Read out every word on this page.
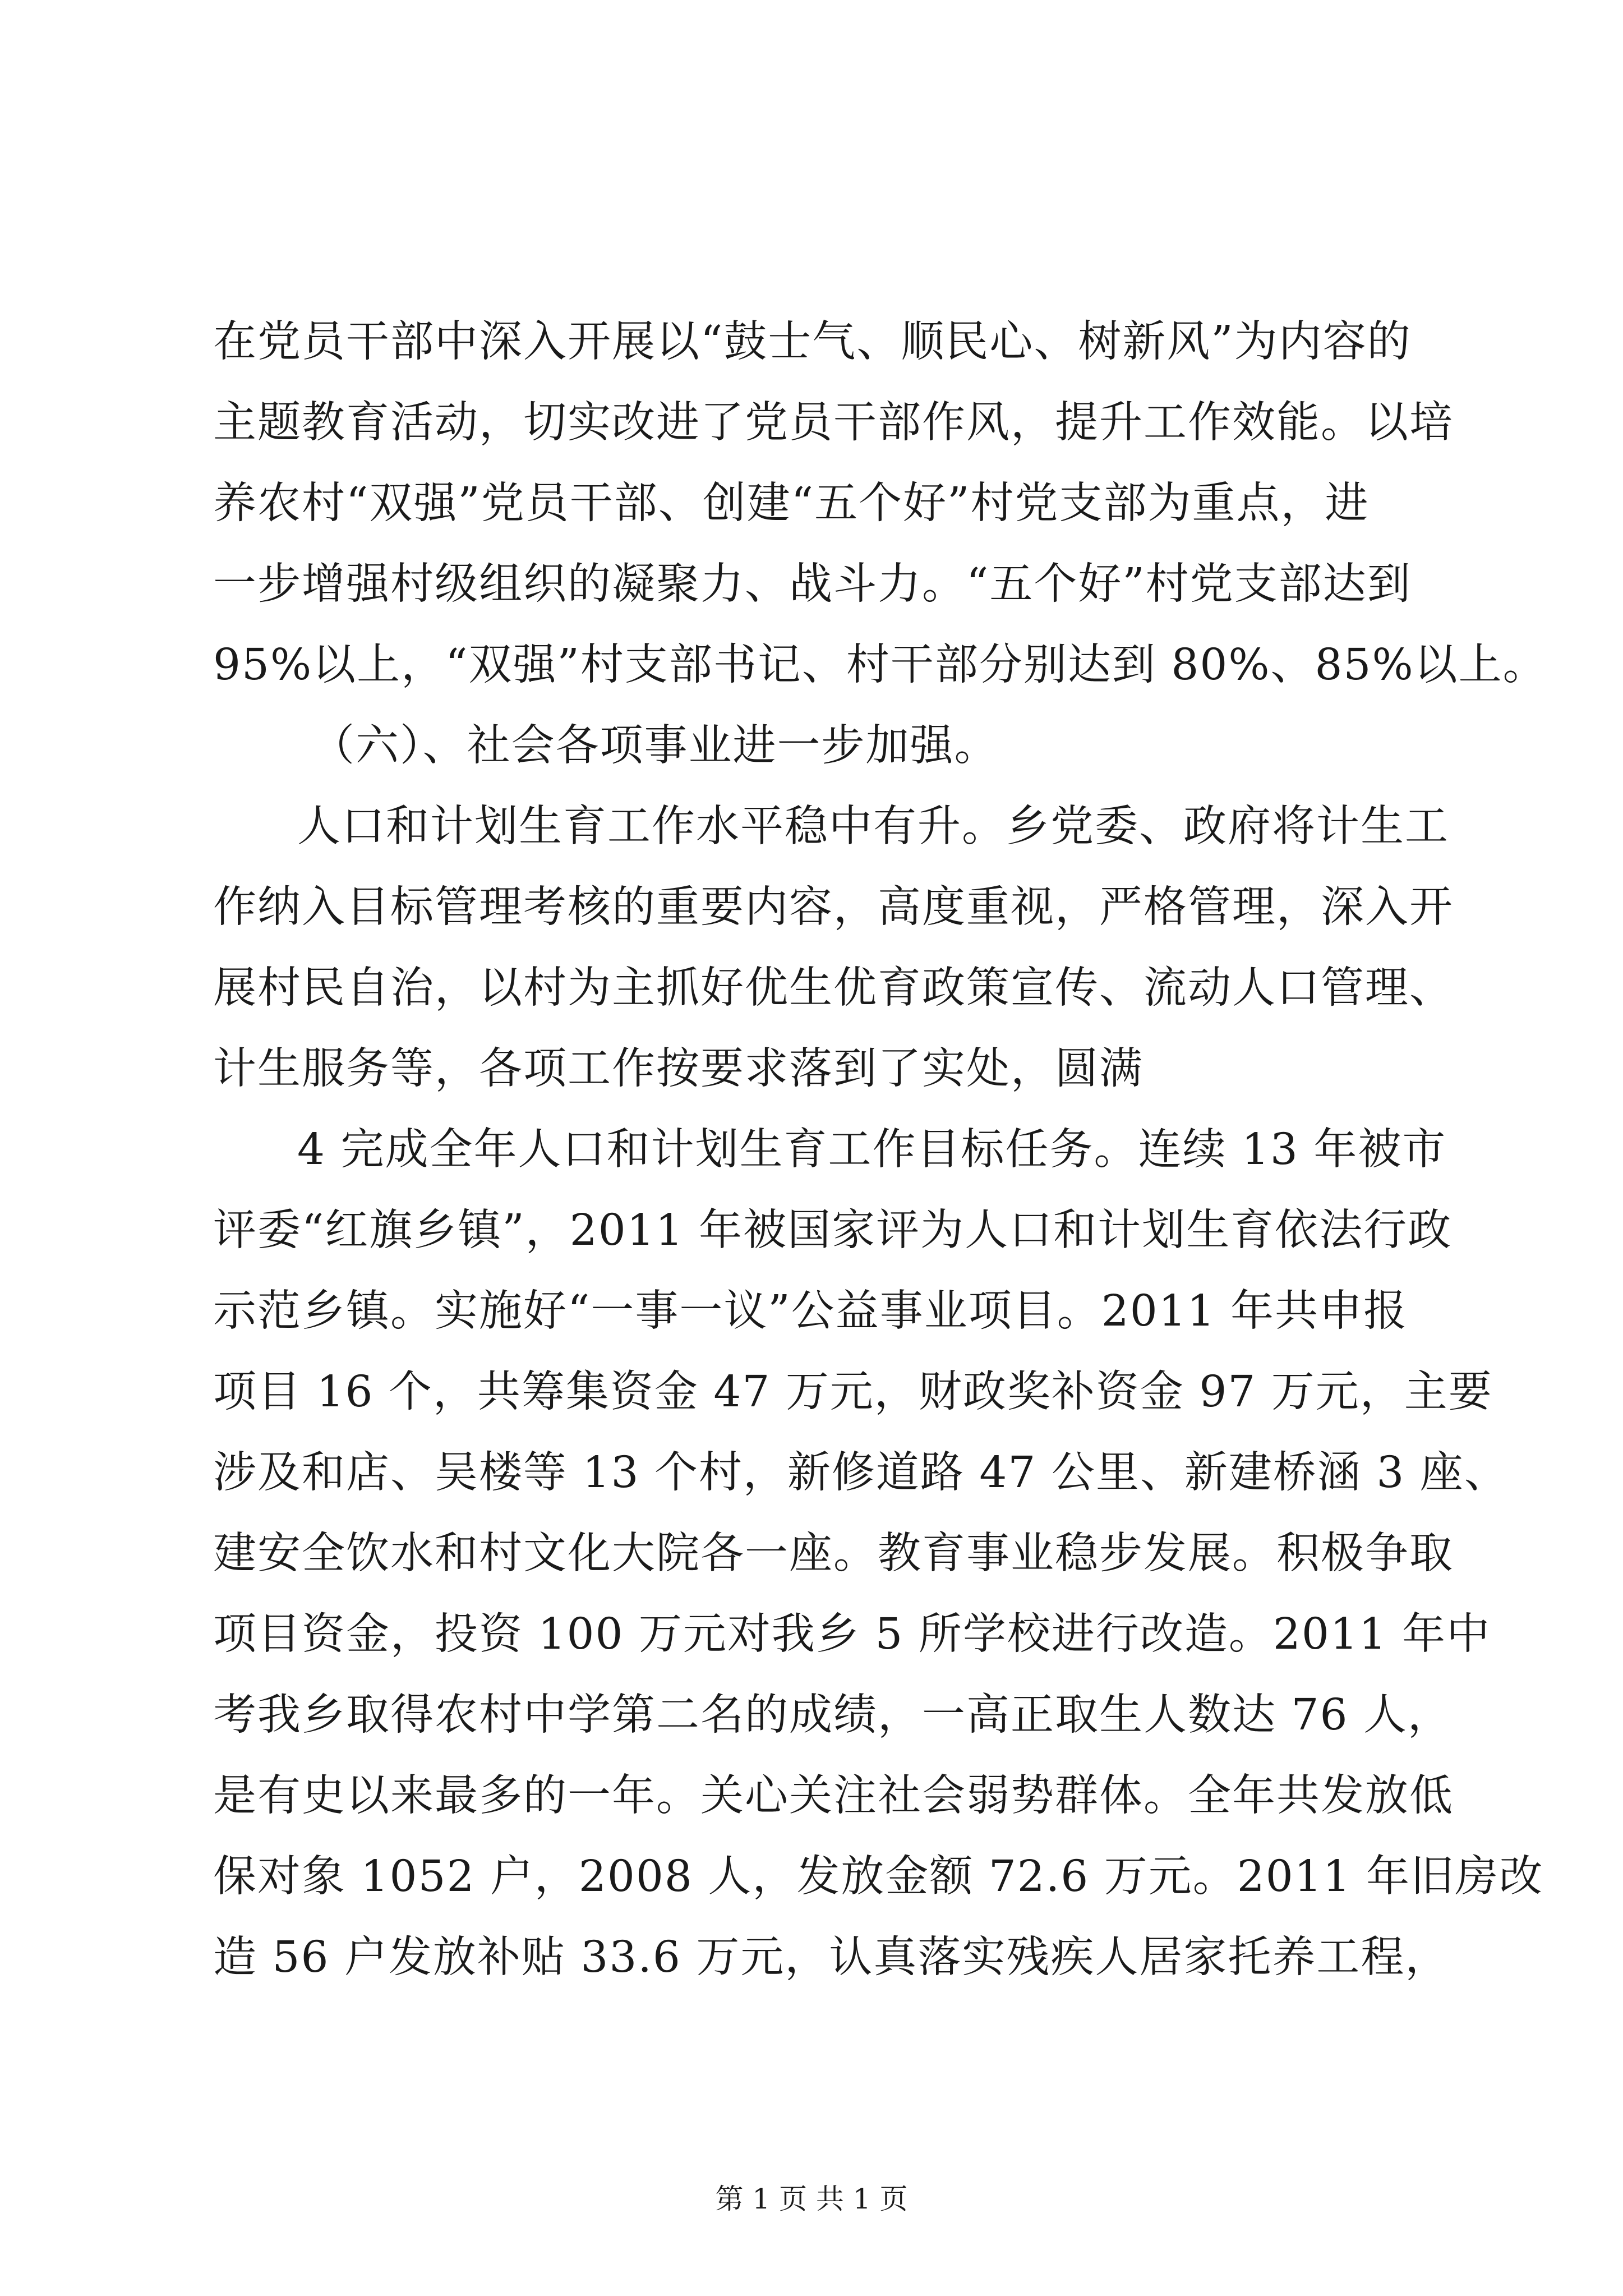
在党员干部中深入开展以“鼓士气、顺民心、树新风”为内容的
主题教育活动，切实改进了党员干部作风，提升工作效能。以培
养农村“双强”党员干部、创建“五个好”村党支部为重点，进
一步增强村级组织的凝聚力、战斗力。“五个好”村党支部达到
95%以上，“双强”村支部书记、村干部分别达到 80%、85%以上。
（六）、社会各项事业进一步加强。
人口和计划生育工作水平稳中有升。乡党委、政府将计生工
作纳入目标管理考核的重要内容，高度重视，严格管理，深入开
展村民自治，以村为主抓好优生优育政策宣传、流动人口管理、
计生服务等，各项工作按要求落到了实处，圆满
4 完成全年人口和计划生育工作目标任务。连续 13 年被市
评委“红旗乡镇”，2011 年被国家评为人口和计划生育依法行政
示范乡镇。实施好“一事一议”公益事业项目。2011 年共申报
项目 16 个，共筹集资金 47 万元，财政奖补资金 97 万元，主要
涉及和店、吴楼等 13 个村，新修道路 47 公里、新建桥涵 3 座、
建安全饮水和村文化大院各一座。教育事业稳步发展。积极争取
项目资金，投资 100 万元对我乡 5 所学校进行改造。2011 年中
考我乡取得农村中学第二名的成绩，一高正取生人数达 76 人，
是有史以来最多的一年。关心关注社会弱势群体。全年共发放低
保对象 1052 户，2008 人，发放金额 72.6 万元。2011 年旧房改
造 56 户发放补贴 33.6 万元，认真落实残疾人居家托养工程，
第 1 页 共 1 页
